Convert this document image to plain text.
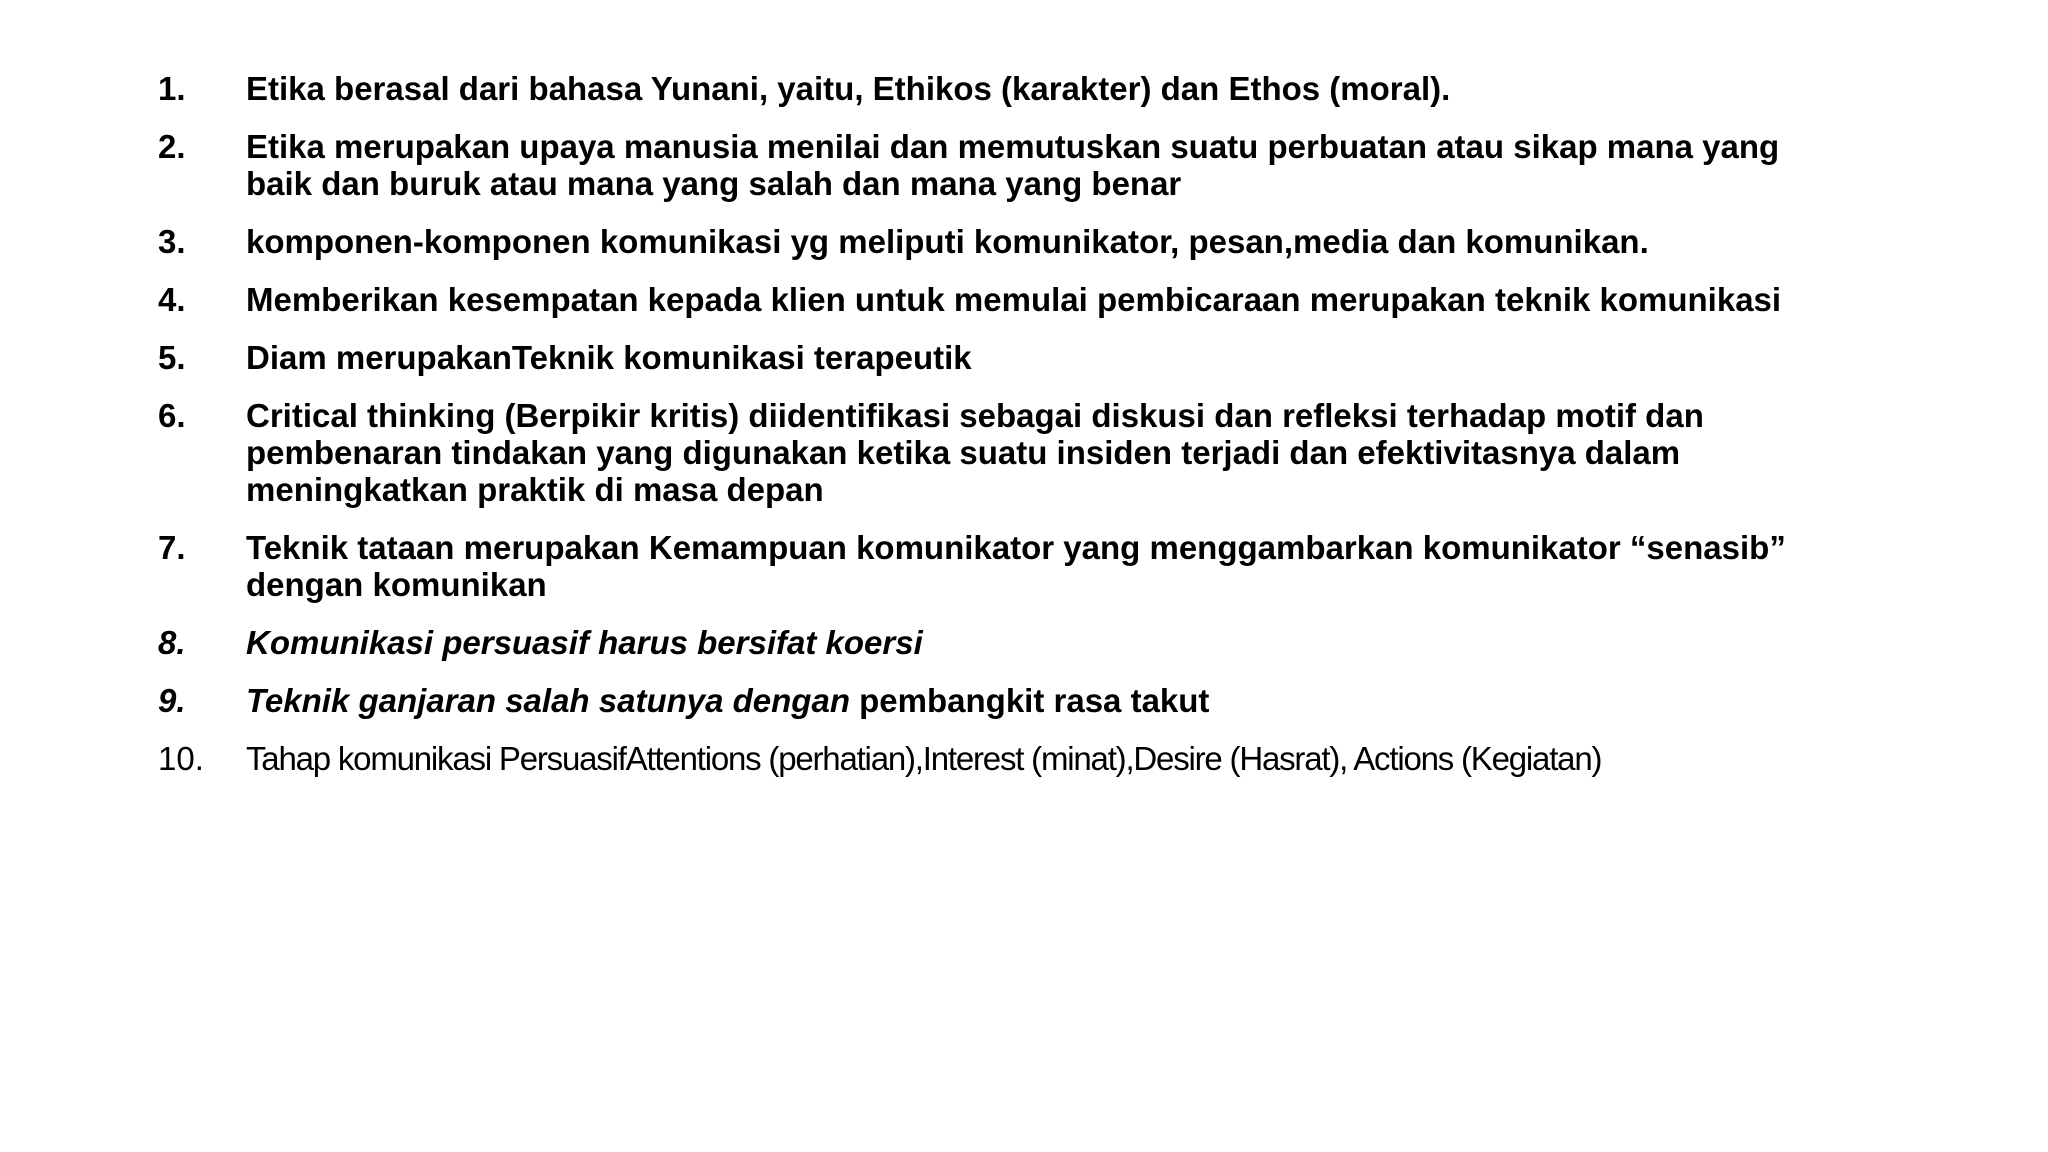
1.	Etika berasal dari bahasa Yunani, yaitu, Ethikos (karakter) dan Ethos (moral).
2.	Etika merupakan upaya manusia menilai dan memutuskan suatu perbuatan atau sikap mana yang
baik dan buruk atau mana yang salah dan mana yang benar
3.	komponen-komponen komunikasi yg meliputi komunikator, pesan,media dan komunikan.
4.	Memberikan kesempatan kepada klien untuk memulai pembicaraan merupakan teknik komunikasi
5.	Diam merupakanTeknik komunikasi terapeutik
6.	Critical thinking (Berpikir kritis) diidentifikasi sebagai diskusi dan refleksi terhadap motif dan
pembenaran tindakan yang digunakan ketika suatu insiden terjadi dan efektivitasnya dalam
meningkatkan praktik di masa depan
7.	Teknik tataan merupakan Kemampuan komunikator yang menggambarkan komunikator “senasib”
dengan komunikan
8.	Komunikasi persuasif harus bersifat koersi
9.	Teknik ganjaran salah satunya dengan pembangkit rasa takut
10.	Tahap komunikasi PersuasifAttentions (perhatian),Interest (minat),Desire (Hasrat), Actions (Kegiatan)
